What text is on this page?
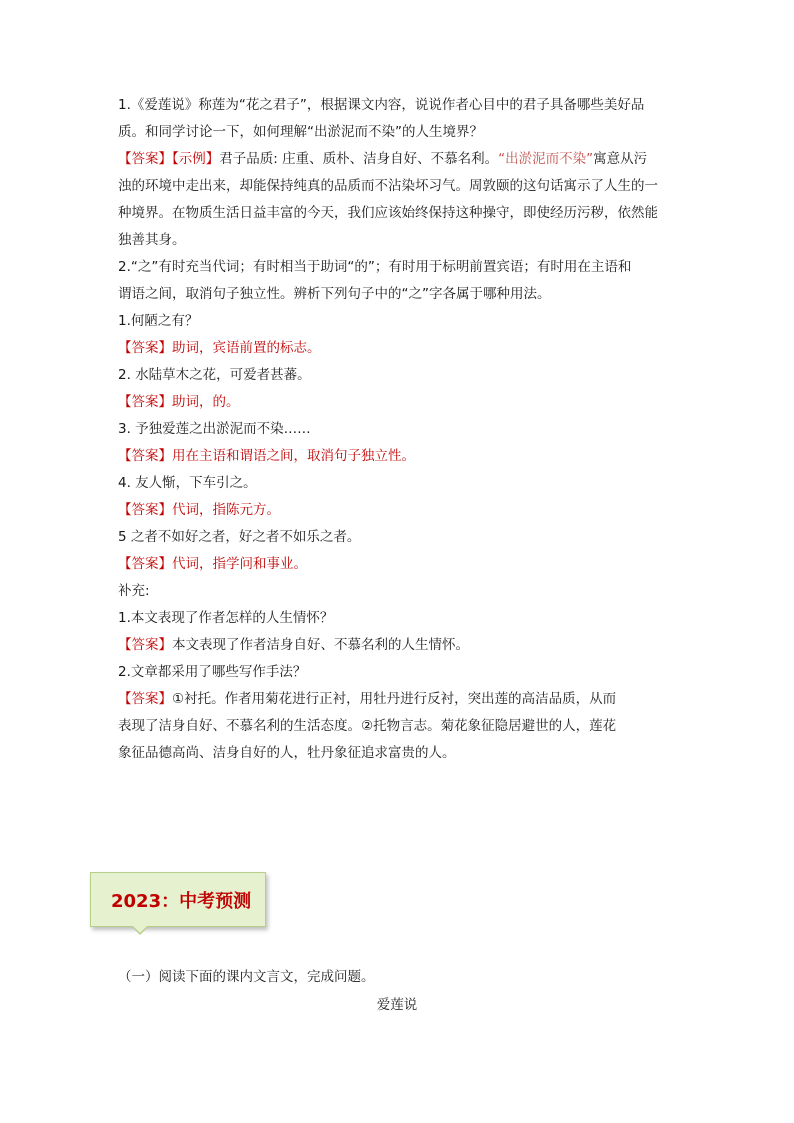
1.《爱莲说》称莲为“花之君子”，根据课文内容，说说作者心目中的君子具备哪些美好品
质。和同学讨论一下，如何理解“出淤泥而不染”的人生境界？
【答案】【示例】君子品质: 庄重、质朴、洁身自好、不慕名利。“出淤泥而不染”寓意从污
浊的环境中走出来，却能保持纯真的品质而不沾染坏习气。周敦颐的这句话寓示了人生的一
种境界。在物质生活日益丰富的今天，我们应该始终保持这种操守，即使经历污秽，依然能
独善其身。
2.“之”有时充当代词；有时相当于助词“的”；有时用于标明前置宾语；有时用在主语和
谓语之间，取消句子独立性。辨析下列句子中的“之”字各属于哪种用法。
1.何陋之有？
【答案】助词，宾语前置的标志。
2. 水陆草木之花，可爱者甚蕃。
【答案】助词，的。
3. 予独爱莲之出淤泥而不染……
【答案】用在主语和谓语之间，取消句子独立性。
4. 友人惭，下车引之。
【答案】代词，指陈元方。
5 之者不如好之者，好之者不如乐之者。
【答案】代词，指学问和事业。
补充:
1.本文表现了作者怎样的人生情怀？
【答案】本文表现了作者洁身自好、不慕名利的人生情怀。
2.文章都采用了哪些写作手法？
【答案】①衬托。作者用菊花进行正衬，用牡丹进行反衬，突出莲的高洁品质，从而
表现了洁身自好、不慕名利的生活态度。②托物言志。菊花象征隐居避世的人，莲花
象征品德高尚、洁身自好的人，牡丹象征追求富贵的人。
2023：中考预测
（一）阅读下面的课内文言文，完成问题。
爱莲说
